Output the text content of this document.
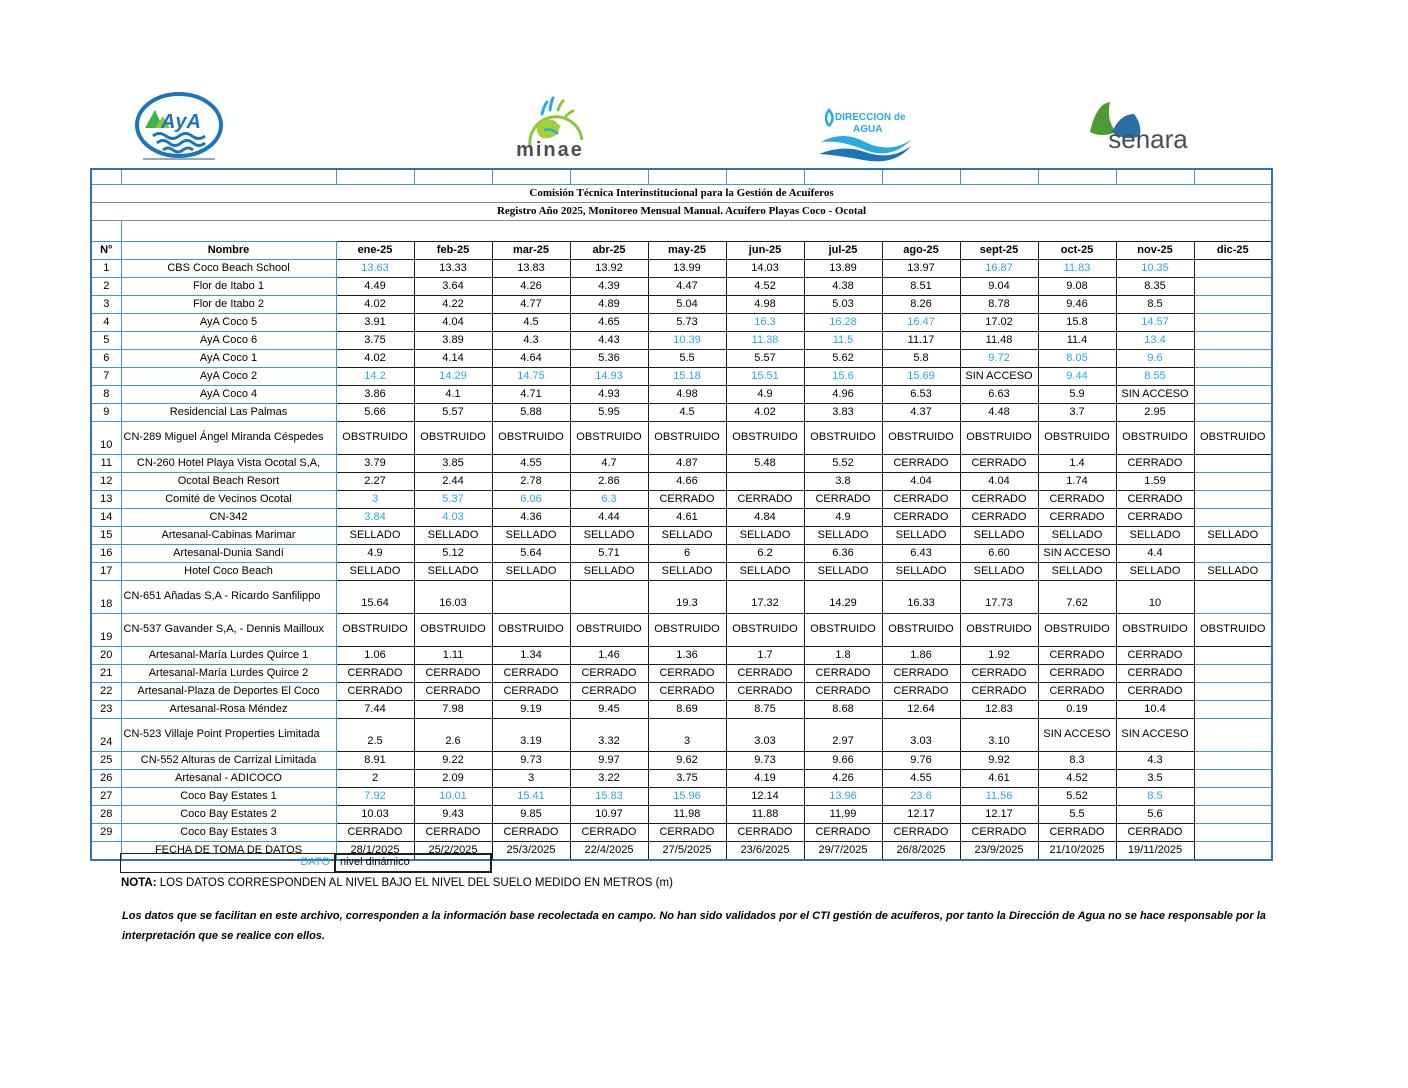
AyA
minae
DIRECCION de
AGUA	senara

Comisión Técnica Interinstitucional para la Gestión de Acuíferos													
Registro Año 2025, Monitoreo Mensual Manual. Acuífero Playas Coco - Ocotal													

N°	Nombre	ene-25	feb-25	mar-25	abr-25	may-25	jun-25	jul-25	ago-25	sept-25	oct-25	nov-25	dic-25
1	CBS Coco Beach School	13.63	13.33	13.83	13.92	13.99	14.03	13.89	13.97	16.87	11.83	10.35	
2	Flor de Itabo 1	4.49	3.64	4.26	4.39	4.47	4.52	4.38	8.51	9.04	9.08	8.35	
3	Flor de Itabo 2	4.02	4.22	4.77	4.89	5.04	4.98	5.03	8.26	8.78	9.46	8.5	
4	AyA Coco 5	3.91	4.04	4.5	4.65	5.73	16.3	16.28	16.47	17.02	15.8	14.57	
5	AyA Coco 6	3.75	3.89	4.3	4.43	10.39	11.38	11.5	11.17	11.48	11.4	13.4	
6	AyA Coco 1	4.02	4.14	4.64	5.36	5.5	5.57	5.62	5.8	9.72	8.05	9.6	
7	AyA Coco 2	14.2	14.29	14.75	14.93	15.18	15.51	15.6	15.69	SIN ACCESO	9.44	8.55	
8	AyA Coco 4	3.86	4.1	4.71	4.93	4.98	4.9	4.96	6.53	6.63	5.9	SIN ACCESO	
9	Residencial Las Palmas	5.66	5.57	5.88	5.95	4.5	4.02	3.83	4.37	4.48	3.7	2.95	
10	CN-289 Miguel Ángel Miranda Céspedes	OBSTRUIDO	OBSTRUIDO	OBSTRUIDO	OBSTRUIDO	OBSTRUIDO	OBSTRUIDO	OBSTRUIDO	OBSTRUIDO	OBSTRUIDO	OBSTRUIDO	OBSTRUIDO	OBSTRUIDO
11	CN-260 Hotel Playa Vista Ocotal S,A,	3.79	3.85	4.55	4.7	4.87	5.48	5.52	CERRADO	CERRADO	1.4	CERRADO	
12	Ocotal Beach Resort	2.27	2.44	2.78	2.86	4.66		3.8	4.04	4.04	1.74	1.59	
13	Comité de Vecinos Ocotal	3	5.37	6.06	6.3	CERRADO	CERRADO	CERRADO	CERRADO	CERRADO	CERRADO	CERRADO	
14	CN-342	3.84	4.03	4.36	4.44	4.61	4.84	4.9	CERRADO	CERRADO	CERRADO	CERRADO	
15	Artesanal-Cabinas Marimar	SELLADO	SELLADO	SELLADO	SELLADO	SELLADO	SELLADO	SELLADO	SELLADO	SELLADO	SELLADO	SELLADO	SELLADO
16	Artesanal-Dunia Sandí	4.9	5.12	5.64	5.71	6	6.2	6.36	6.43	6.60	SIN ACCESO	4.4	
17	Hotel Coco Beach	SELLADO	SELLADO	SELLADO	SELLADO	SELLADO	SELLADO	SELLADO	SELLADO	SELLADO	SELLADO	SELLADO	SELLADO
18	CN-651 Añadas S,A - Ricardo Sanfilippo	15.64	16.03			19.3	17.32	14.29	16.33	17.73	7.62	10	
19	CN-537 Gavander S,A, - Dennis Mailloux	OBSTRUIDO	OBSTRUIDO	OBSTRUIDO	OBSTRUIDO	OBSTRUIDO	OBSTRUIDO	OBSTRUIDO	OBSTRUIDO	OBSTRUIDO	OBSTRUIDO	OBSTRUIDO	OBSTRUIDO
20	Artesanal-María Lurdes Quirce 1	1.06	1.11	1.34	1.46	1.36	1.7	1.8	1.86	1.92	CERRADO	CERRADO	
21	Artesanal-María Lurdes Quirce 2	CERRADO	CERRADO	CERRADO	CERRADO	CERRADO	CERRADO	CERRADO	CERRADO	CERRADO	CERRADO	CERRADO	
22	Artesanal-Plaza de Deportes El Coco	CERRADO	CERRADO	CERRADO	CERRADO	CERRADO	CERRADO	CERRADO	CERRADO	CERRADO	CERRADO	CERRADO	
23	Artesanal-Rosa Méndez	7.44	7.98	9.19	9.45	8.69	8.75	8.68	12.64	12.83	0.19	10.4	
24	CN-523 Villaje Point Properties Limitada	2.5	2.6	3.19	3.32	3	3.03	2.97	3.03	3.10	SIN ACCESO	SIN ACCESO	
25	CN-552 Alturas de Carrizal Limitada	8.91	9.22	9.73	9.97	9.62	9.73	9.66	9.76	9.92	8.3	4.3	
26	Artesanal - ADICOCO	2	2.09	3	3.22	3.75	4.19	4.26	4.55	4.61	4.52	3.5	
27	Coco Bay Estates 1	7.92	10.01	15.41	15.83	15.96	12.14	13.96	23.6	11.56	5.52	8.5	
28	Coco Bay Estates 2	10.03	9.43	9.85	10.97	11.98	11.88	11.99	12.17	12.17	5.5	5.6	
29	Coco Bay Estates 3	CERRADO	CERRADO	CERRADO	CERRADO	CERRADO	CERRADO	CERRADO	CERRADO	CERRADO	CERRADO	CERRADO	
	FECHA DE TOMA DE DATOS	28/1/2025	25/2/2025	25/3/2025	22/4/2025	27/5/2025	23/6/2025	29/7/2025	26/8/2025	23/9/2025	21/10/2025	19/11/2025	
DATO nivel dinámico
NOTA: LOS DATOS CORRESPONDEN AL NIVEL BAJO EL NIVEL DEL SUELO MEDIDO EN METROS (m)
Los datos que se facilitan en este archivo, corresponden a la información base recolectada en campo. No han sido validados por el CTI gestión de acuíferos, por tanto la Dirección de Agua no se hace responsable por la interpretación que se realice con ellos.
